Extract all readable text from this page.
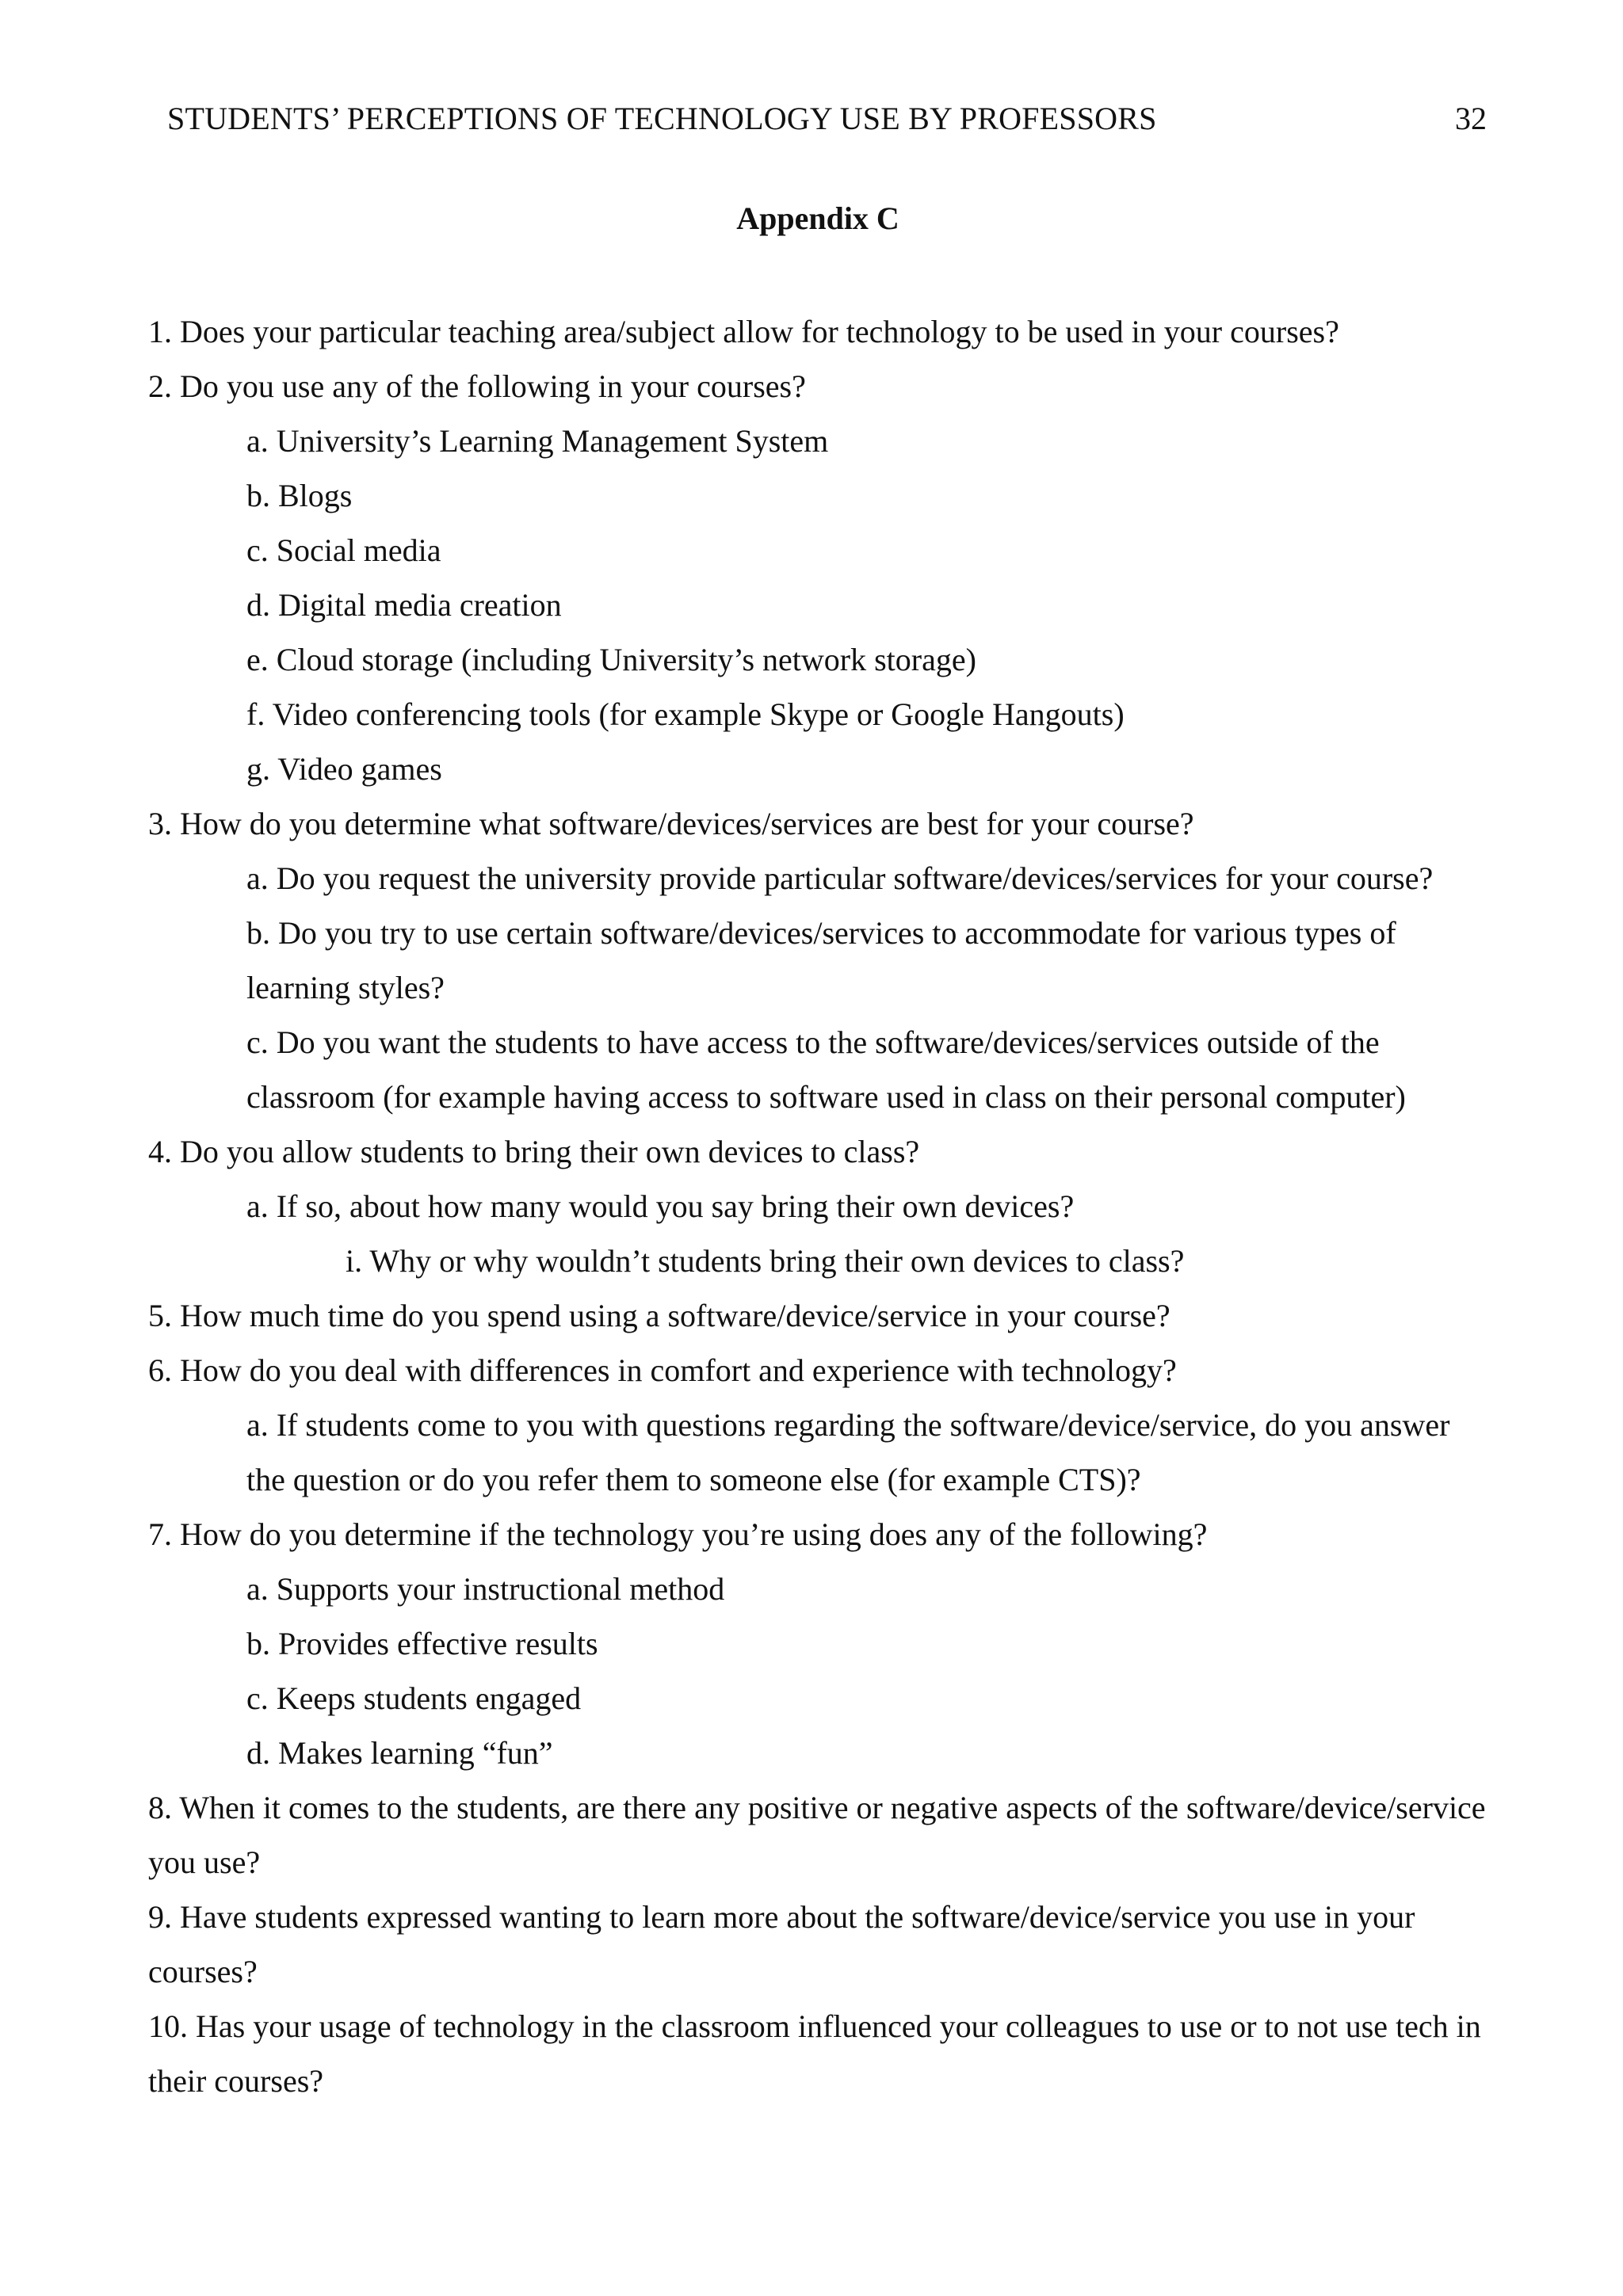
STUDENTS’ PERCEPTIONS OF TECHNOLOGY USE BY PROFESSORS	32
Appendix C
1. Does your particular teaching area/subject allow for technology to be used in your courses?
2. Do you use any of the following in your courses?
a. University’s Learning Management System
b. Blogs
c. Social media
d. Digital media creation
e. Cloud storage (including University’s network storage)
f. Video conferencing tools (for example Skype or Google Hangouts)
g. Video games
3. How do you determine what software/devices/services are best for your course?
a. Do you request the university provide particular software/devices/services for your course?
b. Do you try to use certain software/devices/services to accommodate for various types of
learning styles?
c. Do you want the students to have access to the software/devices/services outside of the
classroom (for example having access to software used in class on their personal computer)
4. Do you allow students to bring their own devices to class?
a. If so, about how many would you say bring their own devices?
i. Why or why wouldn’t students bring their own devices to class?
5. How much time do you spend using a software/device/service in your course?
6. How do you deal with differences in comfort and experience with technology?
a. If students come to you with questions regarding the software/device/service, do you answer
the question or do you refer them to someone else (for example CTS)?
7. How do you determine if the technology you’re using does any of the following?
a. Supports your instructional method
b. Provides effective results
c. Keeps students engaged
d. Makes learning “fun”
8. When it comes to the students, are there any positive or negative aspects of the software/device/service
you use?
9. Have students expressed wanting to learn more about the software/device/service you use in your
courses?
10. Has your usage of technology in the classroom influenced your colleagues to use or to not use tech in
their courses?
